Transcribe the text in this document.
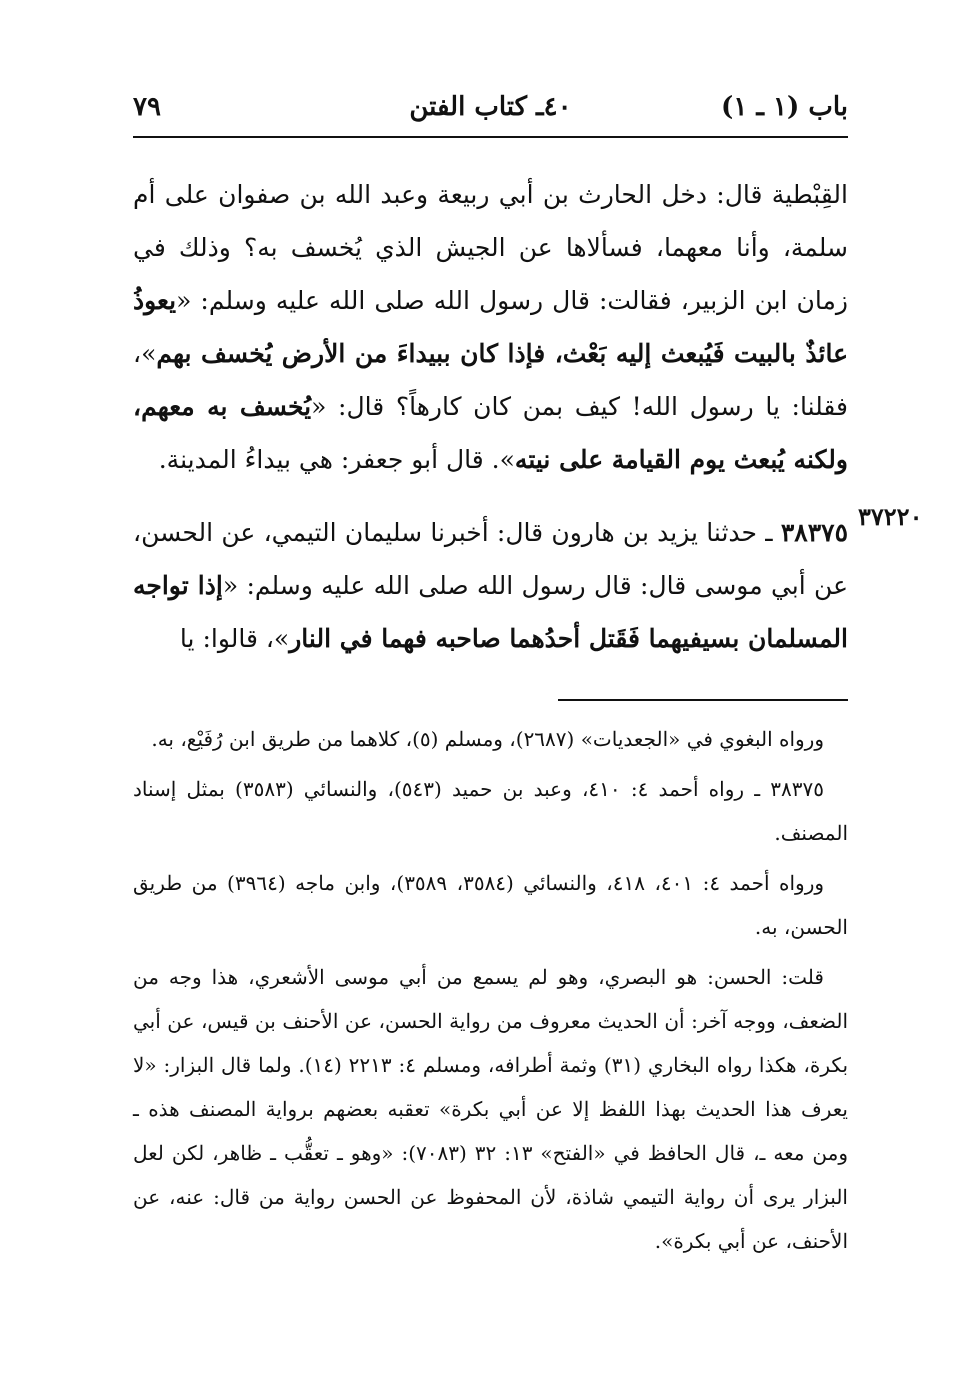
باب (١ ـ ١)
٤٠ـ كتاب الفتن
٧٩

القِبْطية قال: دخل الحارث بن أبي ربيعة وعبد الله بن صفوان على أم سلمة، وأنا معهما، فسألاها عن الجيش الذي يُخسف به؟ وذلك في زمان ابن الزبير، فقالت: قال رسول الله صلى الله عليه وسلم: «يعوذُ عائذٌ بالبيت فَيُبعث إليه بَعْث، فإذا كان ببيداءَ من الأرض يُخسف بهم»، فقلنا: يا رسول الله! كيف بمن كان كارهاً؟ قال: «يُخسف به معهم، ولكنه يُبعث يوم القيامة على نيته». قال أبو جعفر: هي بيداءُ المدينة.

٣٨٣٧٥ ـ حدثنا يزيد بن هارون قال: أخبرنا سليمان التيمي، عن الحسن، عن أبي موسى قال: قال رسول الله صلى الله عليه وسلم: «إذا تواجه المسلمان بسيفيهما فَقَتل أحدُهما صاحبه فهما في النار»، قالوا: يا

٣٧٢٢٠

ورواه البغوي في «الجعديات» (٢٦٨٧)، ومسلم (٥)، كلاهما من طريق ابن رُفَيْع، به.

٣٨٣٧٥ ـ رواه أحمد ٤: ٤١٠، وعبد بن حميد (٥٤٣)، والنسائي (٣٥٨٣) بمثل إسناد المصنف.

ورواه أحمد ٤: ٤٠١، ٤١٨، والنسائي (٣٥٨٤، ٣٥٨٩)، وابن ماجه (٣٩٦٤) من طريق الحسن، به.

قلت: الحسن: هو البصري، وهو لم يسمع من أبي موسى الأشعري، هذا وجه من الضعف، ووجه آخر: أن الحديث معروف من رواية الحسن، عن الأحنف بن قيس، عن أبي بكرة، هكذا رواه البخاري (٣١) وثمة أطرافه، ومسلم ٤: ٢٢١٣ (١٤). ولما قال البزار: «لا يعرف هذا الحديث بهذا اللفظ إلا عن أبي بكرة» تعقبه بعضهم برواية المصنف هذه ـ ومن معه ـ، قال الحافظ في «الفتح» ١٣: ٣٢ (٧٠٨٣): «وهو ـ تعقُّب ـ ظاهر، لكن لعل البزار يرى أن رواية التيمي شاذة، لأن المحفوظ عن الحسن رواية من قال: عنه، عن الأحنف، عن أبي بكرة».
